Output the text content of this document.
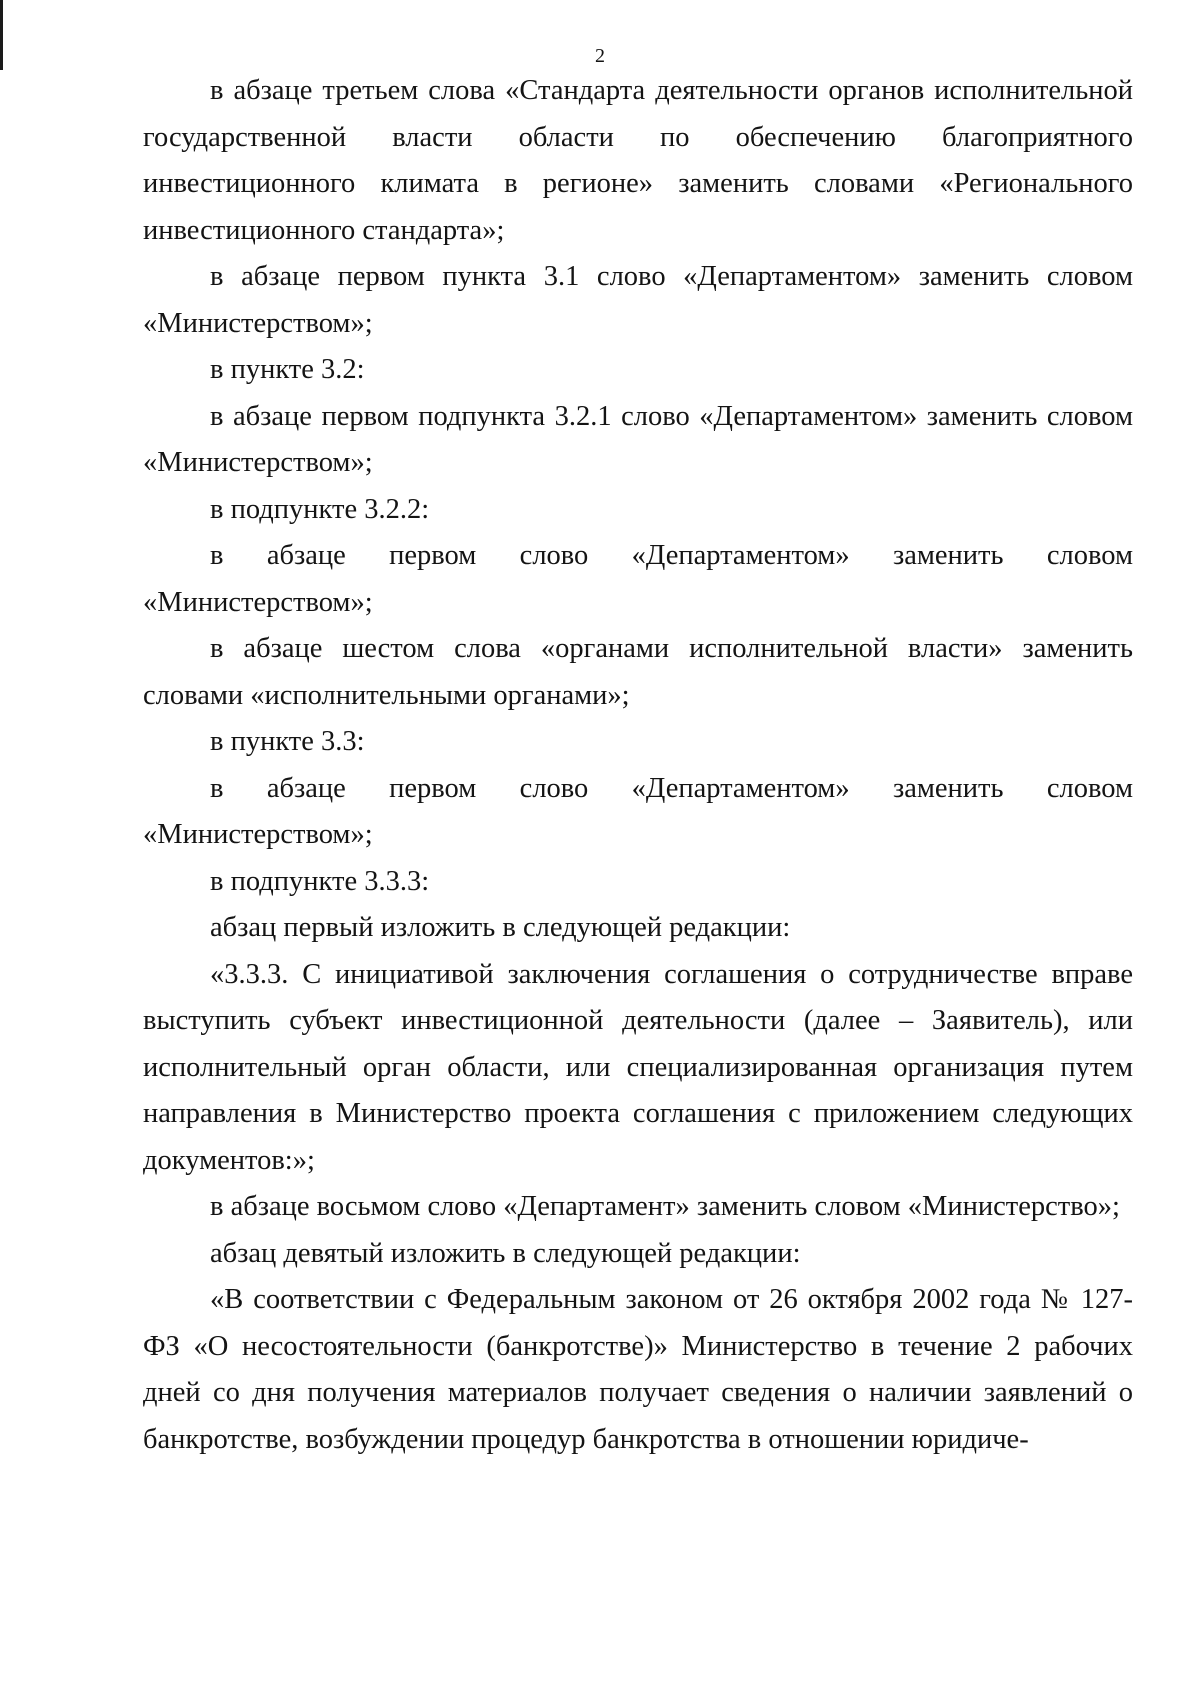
2

в абзаце третьем слова «Стандарта деятельности органов исполнительной государственной власти области по обеспечению благоприятного инвестиционного климата в регионе» заменить словами «Регионального инвестиционного стандарта»;

в абзаце первом пункта 3.1 слово «Департаментом» заменить словом «Министерством»;

в пункте 3.2:

в абзаце первом подпункта 3.2.1 слово «Департаментом» заменить словом «Министерством»;

в подпункте 3.2.2:

в абзаце первом слово «Департаментом» заменить словом «Министерством»;

в абзаце шестом слова «органами исполнительной власти» заменить словами «исполнительными органами»;

в пункте 3.3:

в абзаце первом слово «Департаментом» заменить словом «Министерством»;

в подпункте 3.3.3:

абзац первый изложить в следующей редакции:

«3.3.3. С инициативой заключения соглашения о сотрудничестве вправе выступить субъект инвестиционной деятельности (далее – Заявитель), или исполнительный орган области, или специализированная организация путем направления в Министерство проекта соглашения с приложением следующих документов:»;

в абзаце восьмом слово «Департамент» заменить словом «Министерство»;

абзац девятый изложить в следующей редакции:

«В соответствии с Федеральным законом от 26 октября 2002 года № 127-ФЗ «О несостоятельности (банкротстве)» Министерство в течение 2 рабочих дней со дня получения материалов получает сведения о наличии заявлений о банкротстве, возбуждении процедур банкротства в отношении юридиче-
